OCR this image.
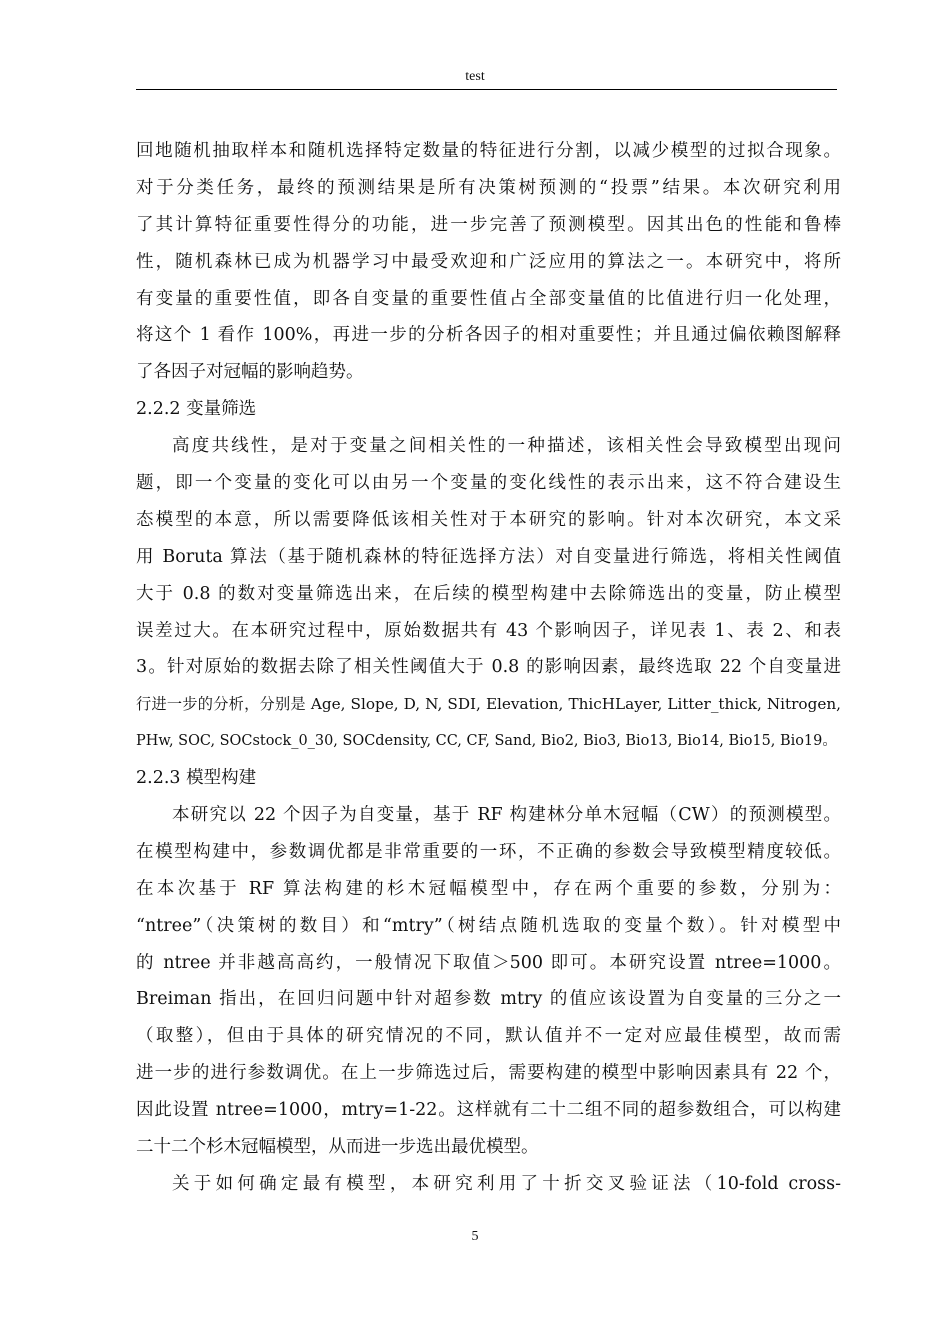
test
回地随机抽取样本和随机选择特定数量的特征进行分割，以减少模型的过拟合现象。
对于分类任务，最终的预测结果是所有决策树预测的“投票”结果。本次研究利用
了其计算特征重要性得分的功能，进一步完善了预测模型。因其出色的性能和鲁棒
性，随机森林已成为机器学习中最受欢迎和广泛应用的算法之一。本研究中，将所
有变量的重要性值，即各自变量的重要性值占全部变量值的比值进行归一化处理，
将这个 1 看作 100%，再进一步的分析各因子的相对重要性；并且通过偏依赖图解释
了各因子对冠幅的影响趋势。
2.2.2 变量筛选
高度共线性，是对于变量之间相关性的一种描述，该相关性会导致模型出现问
题，即一个变量的变化可以由另一个变量的变化线性的表示出来，这不符合建设生
态模型的本意，所以需要降低该相关性对于本研究的影响。针对本次研究，本文采
用 Boruta 算法（基于随机森林的特征选择方法）对自变量进行筛选，将相关性阈值
大于 0.8 的数对变量筛选出来，在后续的模型构建中去除筛选出的变量，防止模型
误差过大。在本研究过程中，原始数据共有 43 个影响因子，详见表 1、表 2、和表
3。针对原始的数据去除了相关性阈值大于 0.8 的影响因素，最终选取 22 个自变量进
行进一步的分析，分别是 Age, Slope, D, N, SDI, Elevation, ThicHLayer, Litter_thick, Nitrogen,
PHw, SOC, SOCstock_0_30, SOCdensity, CC, CF, Sand, Bio2, Bio3, Bio13, Bio14, Bio15, Bio19。
2.2.3 模型构建
本研究以 22 个因子为自变量，基于 RF 构建林分单木冠幅（CW）的预测模型。
在模型构建中，参数调优都是非常重要的一环，不正确的参数会导致模型精度较低。
在本次基于 RF 算法构建的杉木冠幅模型中，存在两个重要的参数，分别为：
“ntree”（决策树的数目）和“mtry”（树结点随机选取的变量个数）。针对模型中
的 ntree 并非越高高约，一般情况下取值＞500 即可。本研究设置 ntree=1000。
Breiman 指出，在回归问题中针对超参数 mtry 的值应该设置为自变量的三分之一
（取整），但由于具体的研究情况的不同，默认值并不一定对应最佳模型，故而需
进一步的进行参数调优。在上一步筛选过后，需要构建的模型中影响因素具有 22 个，
因此设置 ntree=1000，mtry=1-22。这样就有二十二组不同的超参数组合，可以构建
二十二个杉木冠幅模型，从而进一步选出最优模型。
关于如何确定最有模型，本研究利用了十折交叉验证法（10-fold cross-
5
